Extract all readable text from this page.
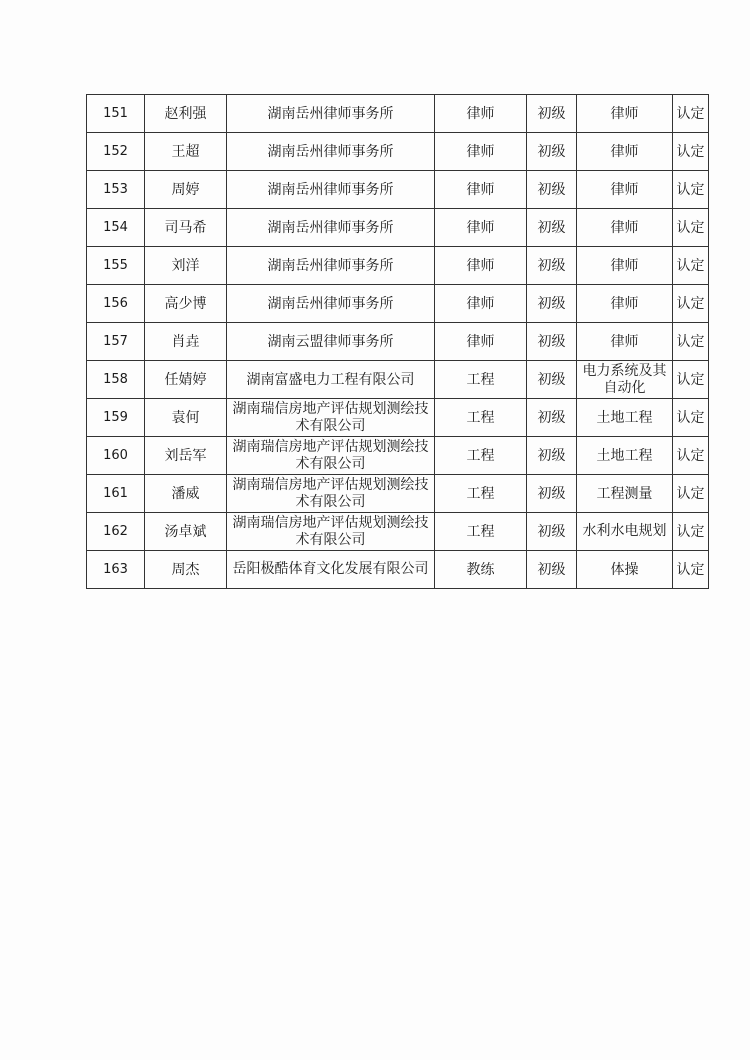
151	赵利强	湖南岳州律师事务所	律师	初级	律师	认定
152	王超	湖南岳州律师事务所	律师	初级	律师	认定
153	周婷	湖南岳州律师事务所	律师	初级	律师	认定
154	司马希	湖南岳州律师事务所	律师	初级	律师	认定
155	刘洋	湖南岳州律师事务所	律师	初级	律师	认定
156	高少博	湖南岳州律师事务所	律师	初级	律师	认定
157	肖垚	湖南云盟律师事务所	律师	初级	律师	认定
158	任婧婷	湖南富盛电力工程有限公司	工程	初级	电力系统及其自动化	认定
159	袁何	湖南瑞信房地产评估规划测绘技术有限公司	工程	初级	土地工程	认定
160	刘岳军	湖南瑞信房地产评估规划测绘技术有限公司	工程	初级	土地工程	认定
161	潘威	湖南瑞信房地产评估规划测绘技术有限公司	工程	初级	工程测量	认定
162	汤卓斌	湖南瑞信房地产评估规划测绘技术有限公司	工程	初级	水利水电规划	认定
163	周杰	岳阳极酷体育文化发展有限公司	教练	初级	体操	认定
